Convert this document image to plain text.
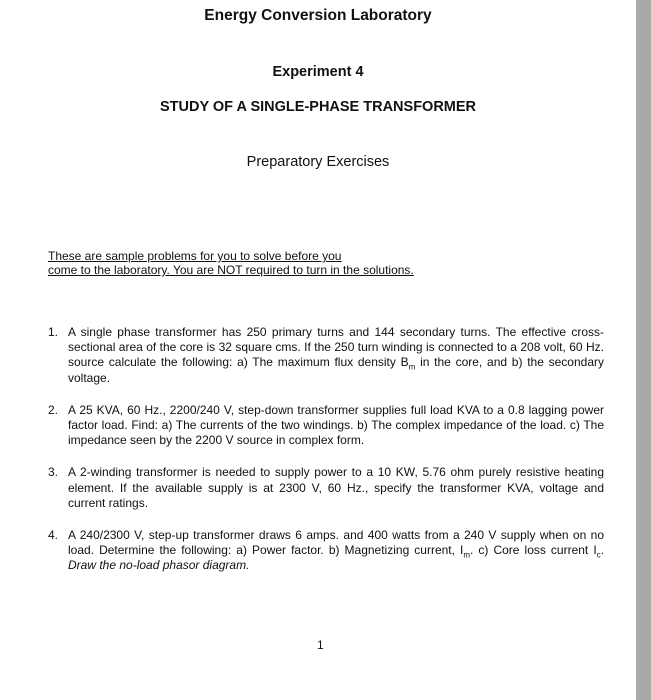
Energy Conversion Laboratory
Experiment 4
STUDY OF A SINGLE-PHASE TRANSFORMER
Preparatory Exercises
These are sample problems for you to solve before you
come to the laboratory. You are NOT required to turn in the solutions.
1. A single phase transformer has 250 primary turns and 144 secondary turns. The effective cross-sectional area of the core is 32 square cms. If the 250 turn winding is connected to a 208 volt, 60 Hz. source calculate the following: a) The maximum flux density $B_m$ in the core, and b) the secondary voltage.
2. A 25 KVA, 60 Hz., 2200/240 V, step-down transformer supplies full load KVA to a 0.8 lagging power factor load. Find: a) The currents of the two windings. b) The complex impedance of the load. c) The impedance seen by the 2200 V source in complex form.
3. A 2-winding transformer is needed to supply power to a 10 KW, 5.76 ohm purely resistive heating element. If the available supply is at 2300 V, 60 Hz., specify the transformer KVA, voltage and current ratings.
4. A 240/2300 V, step-up transformer draws 6 amps. and 400 watts from a 240 V supply when on no load. Determine the following: a) Power factor. b) Magnetizing current, $I_m$. c) Core loss current $I_c$. Draw the no-load phasor diagram.
1
